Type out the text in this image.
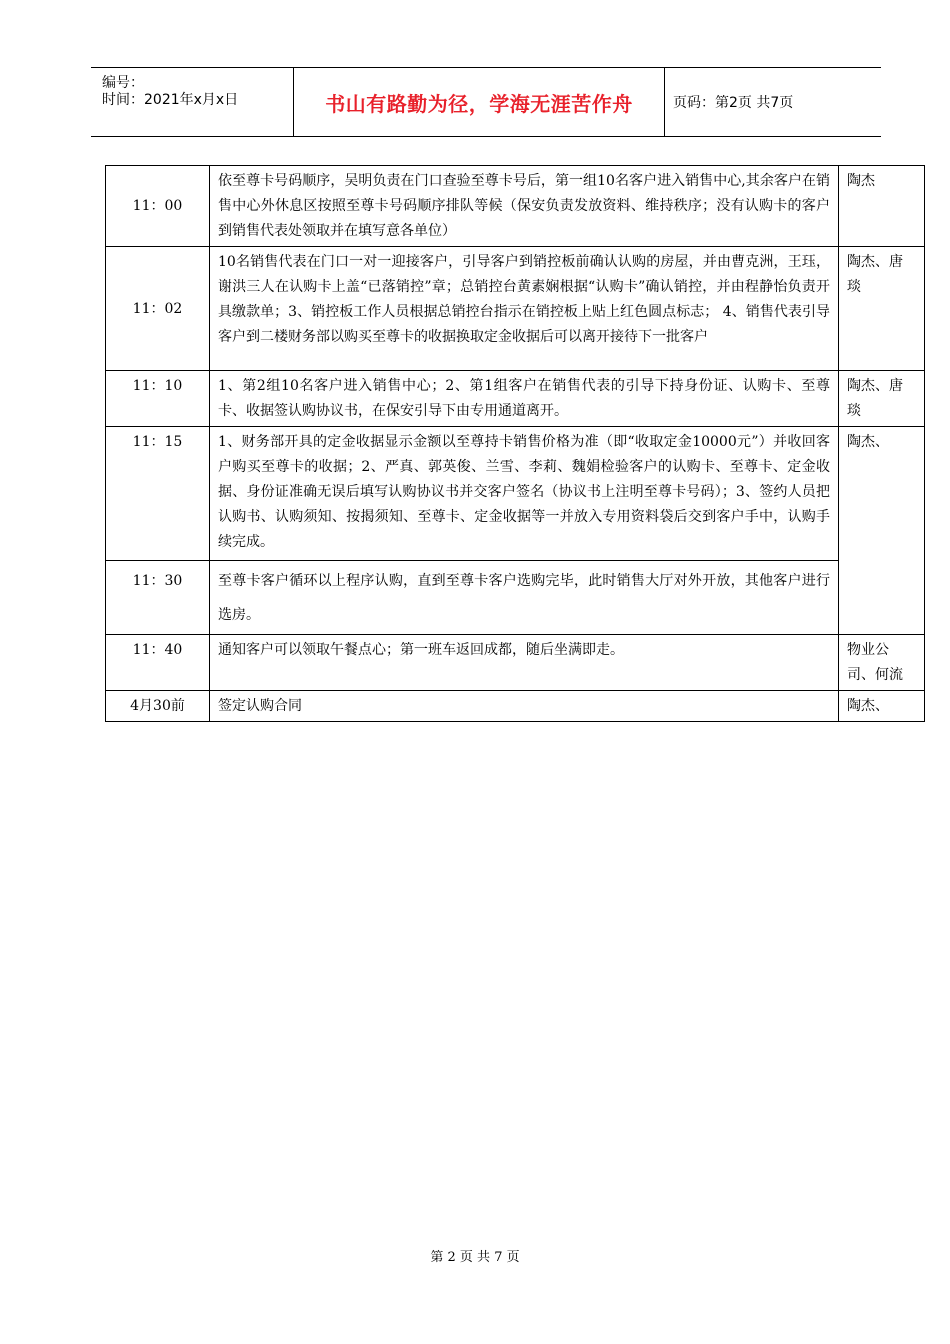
编号：
时间：2021年x月x日	书山有路勤为径，学海无涯苦作舟	页码：第2页 共7页
11：00	依至尊卡号码顺序，吴明负责在门口查验至尊卡号后，第一组10名客户进入销售中心,其余客户在销售中心外休息区按照至尊卡号码顺序排队等候（保安负责发放资料、维持秩序；没有认购卡的客户到销售代表处领取并在填写意各单位）	陶杰
11：02	10名销售代表在门口一对一迎接客户，引导客户到销控板前确认认购的房屋，并由曹克洲，王珏，谢洪三人在认购卡上盖“已落销控”章；总销控台黄素娴根据“认购卡”确认销控，并由程静怡负责开具缴款单；3、销控板工作人员根据总销控台指示在销控板上贴上红色圆点标志； 4、销售代表引导客户到二楼财务部以购买至尊卡的收据换取定金收据后可以离开接待下一批客户	陶杰、唐琰
11：10	1、第2组10名客户进入销售中心；2、第1组客户在销售代表的引导下持身份证、认购卡、至尊卡、收据签认购协议书，在保安引导下由专用通道离开。	陶杰、唐琰
11：15	1、财务部开具的定金收据显示金额以至尊持卡销售价格为准（即“收取定金10000元”）并收回客户购买至尊卡的收据；2、严真、郭英俊、兰雪、李莉、魏娟检验客户的认购卡、至尊卡、定金收据、身份证准确无误后填写认购协议书并交客户签名（协议书上注明至尊卡号码）；3、签约人员把认购书、认购须知、按揭须知、至尊卡、定金收据等一并放入专用资料袋后交到客户手中，认购手续完成。	陶杰、
11：30	至尊卡客户循环以上程序认购，直到至尊卡客户选购完毕，此时销售大厅对外开放，其他客户进行选房。	
11：40	通知客户可以领取午餐点心；第一班车返回成都，随后坐满即走。	物业公司、何流
4月30前	签定认购合同	陶杰、
第 2 页 共 7 页
